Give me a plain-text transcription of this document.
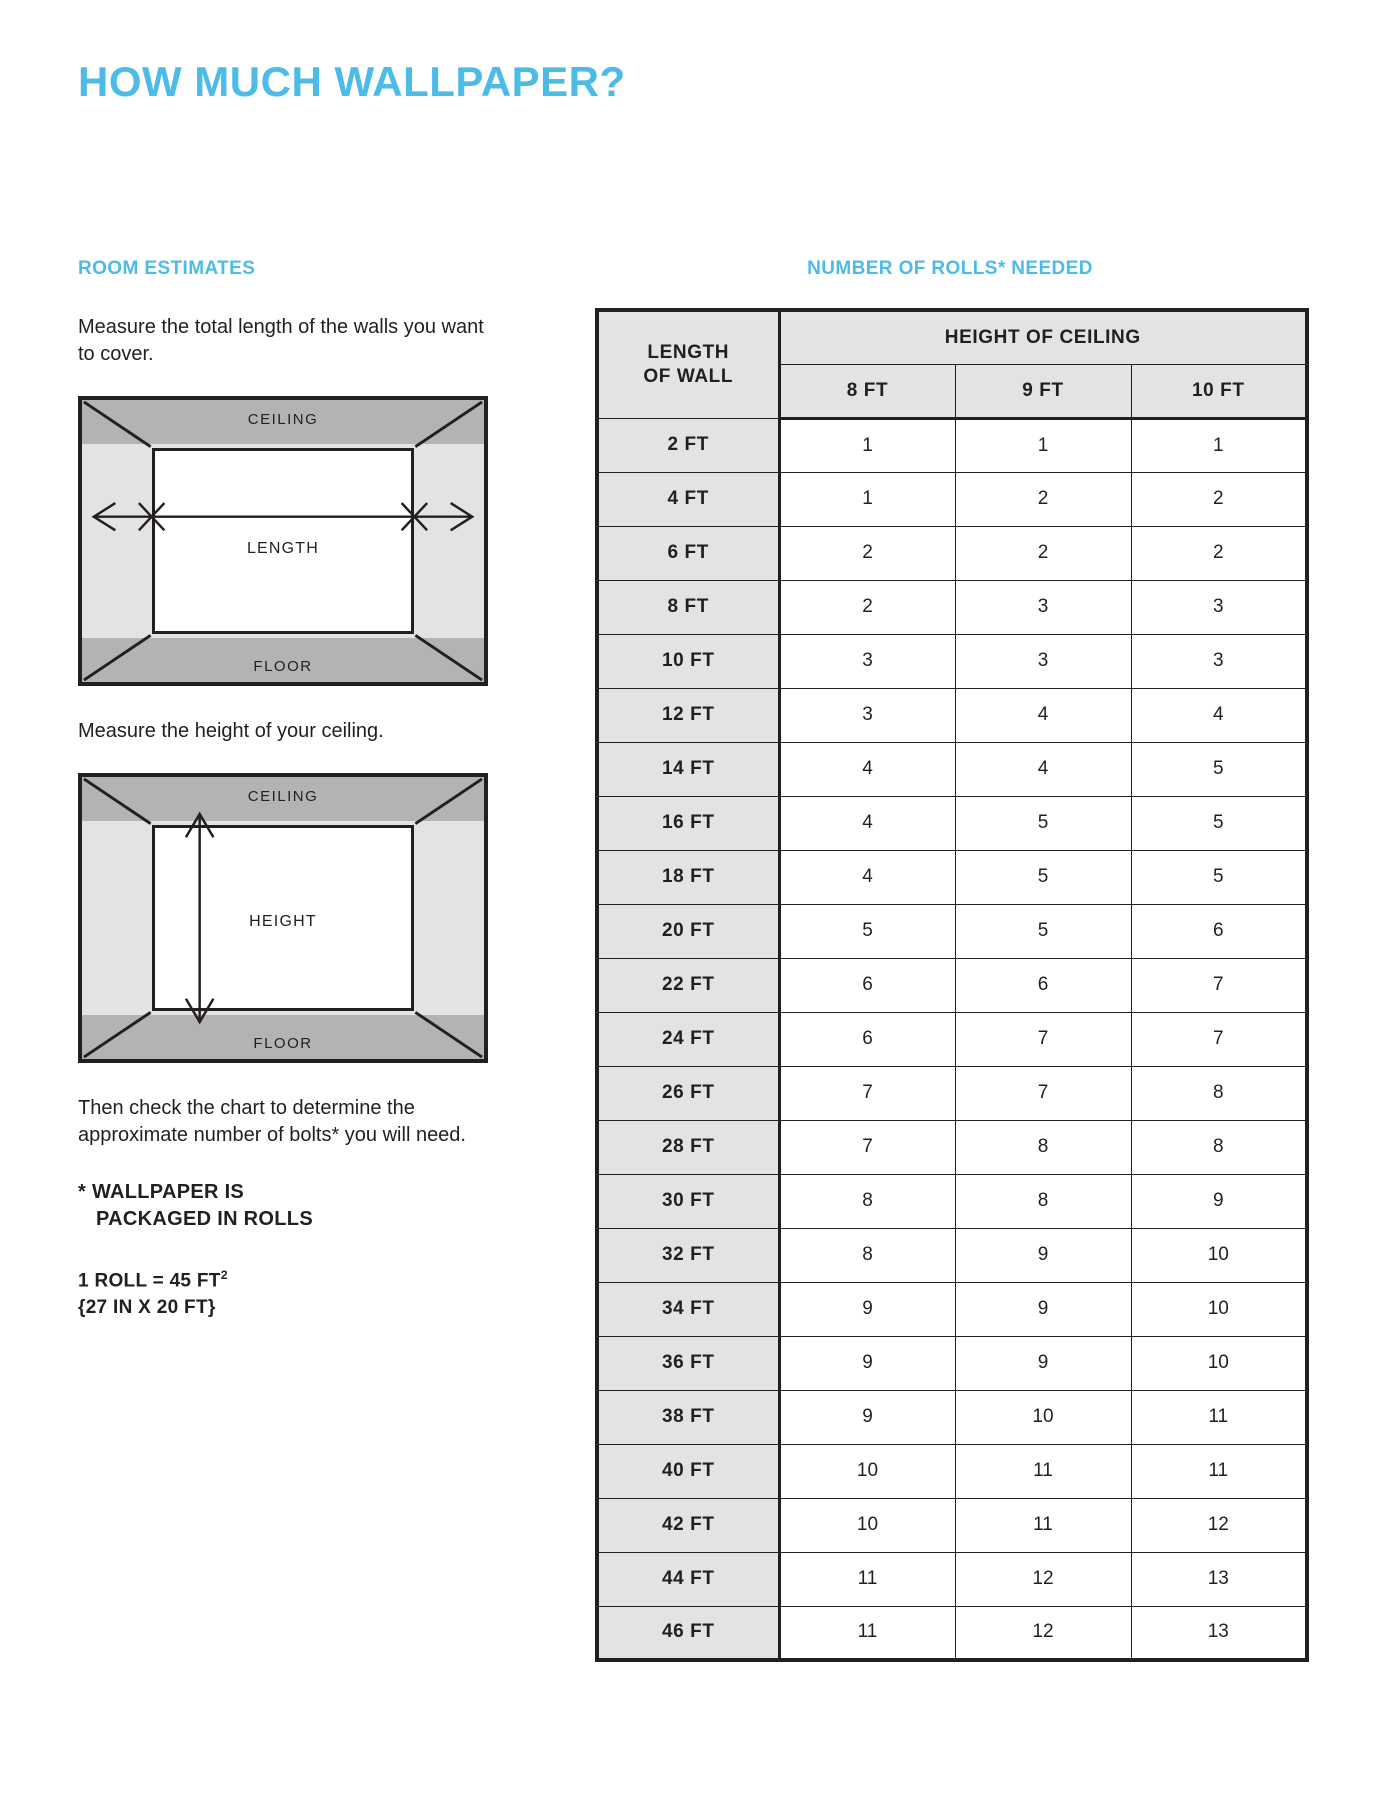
HOW MUCH WALLPAPER?
ROOM ESTIMATES

Measure the total length of the walls you want to cover.

CEILING
FLOOR
LENGTH

Measure the height of your ceiling.

CEILING
FLOOR
HEIGHT

Then check the chart to determine the approximate number of bolts* you will need.

* WALLPAPER IS
PACKAGED IN ROLLS
1 ROLL = 45 $FT^2$
{27 IN X 20 FT}
NUMBER OF ROLLS* NEEDED
LENGTH
OF WALL	HEIGHT OF CEILING		
	8 FT	9 FT	10 FT
2 FT	1	1	1
4 FT	1	2	2
6 FT	2	2	2
8 FT	2	3	3
10 FT	3	3	3
12 FT	3	4	4
14 FT	4	4	5
16 FT	4	5	5
18 FT	4	5	5
20 FT	5	5	6
22 FT	6	6	7
24 FT	6	7	7
26 FT	7	7	8
28 FT	7	8	8
30 FT	8	8	9
32 FT	8	9	10
34 FT	9	9	10
36 FT	9	9	10
38 FT	9	10	11
40 FT	10	11	11
42 FT	10	11	12
44 FT	11	12	13
46 FT	11	12	13
